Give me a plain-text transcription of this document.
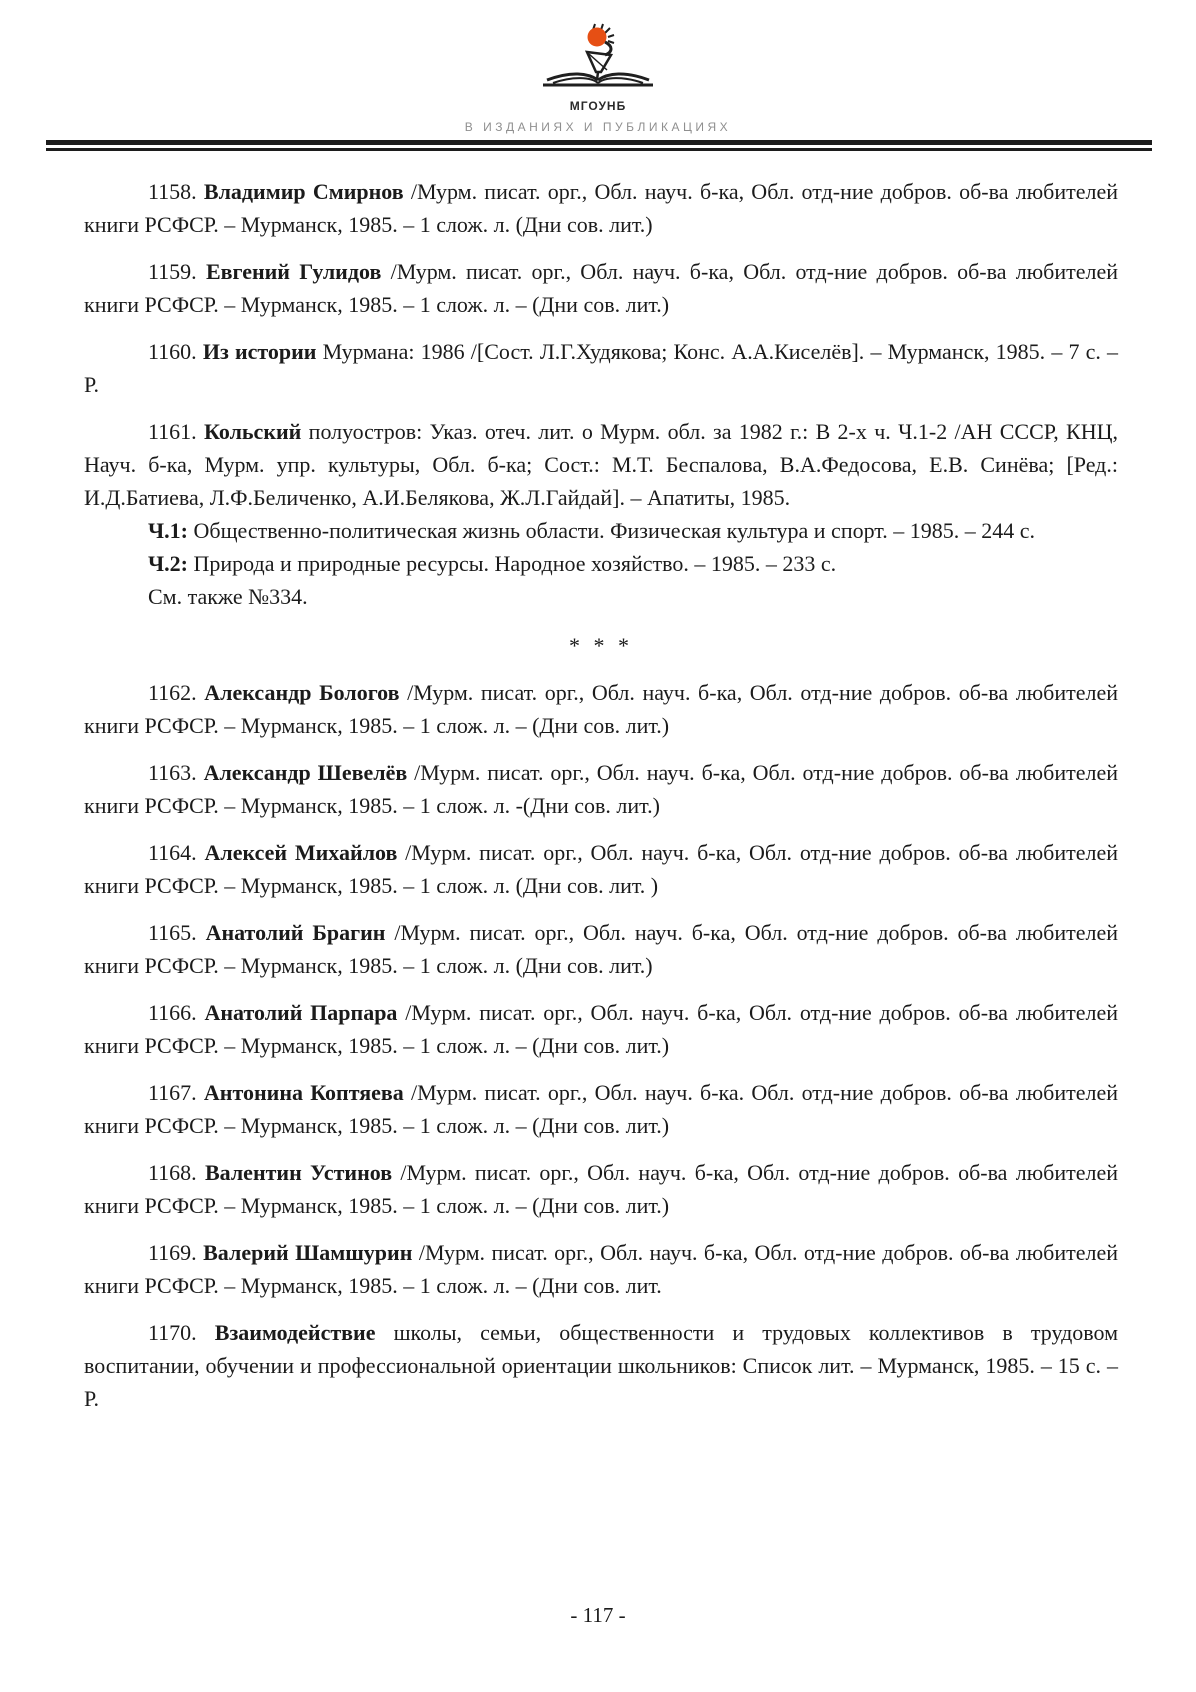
МГОУНБ
В ИЗДАНИЯХ И ПУБЛИКАЦИЯХ

1158. Владимир Смирнов /Мурм. писат. орг., Обл. науч. б-ка, Обл. отд-ние добров. об-ва любителей книги РСФСР. – Мурманск, 1985. – 1 слож. л. (Дни сов. лит.)

1159. Евгений Гулидов /Мурм. писат. орг., Обл. науч. б-ка, Обл. отд-ние добров. об-ва любителей книги РСФСР. – Мурманск, 1985. – 1 слож. л. – (Дни сов. лит.)

1160. Из истории Мурмана: 1986 /[Сост. Л.Г.Худякова; Конс. А.А.Киселёв]. – Мурманск, 1985. – 7 с. – Р.

1161. Кольский полуостров: Указ. отеч. лит. о Мурм. обл. за 1982 г.: В 2-х ч. Ч.1-2 /АН СССР, КНЦ, Науч. б-ка, Мурм. упр. культуры, Обл. б-ка; Сост.: М.Т. Беспалова, В.А.Федосова, Е.В. Синёва; [Ред.: И.Д.Батиева, Л.Ф.Беличенко, А.И.Белякова, Ж.Л.Гайдай]. – Апатиты, 1985.

Ч.1: Общественно-политическая жизнь области. Физическая культура и спорт. – 1985. – 244 с.

Ч.2: Природа и природные ресурсы. Народное хозяйство. – 1985. – 233 с.

См. также №334.

* * *

1162. Александр Бологов /Мурм. писат. орг., Обл. науч. б-ка, Обл. отд-ние добров. об-ва любителей книги РСФСР. – Мурманск, 1985. – 1 слож. л. – (Дни сов. лит.)

1163. Александр Шевелёв /Мурм. писат. орг., Обл. науч. б-ка, Обл. отд-ние добров. об-ва любителей книги РСФСР. – Мурманск, 1985. – 1 слож. л. -(Дни сов. лит.)

1164. Алексей Михайлов /Мурм. писат. орг., Обл. науч. б-ка, Обл. отд-ние добров. об-ва любителей книги РСФСР. – Мурманск, 1985. – 1 слож. л. (Дни сов. лит. )

1165. Анатолий Брагин /Мурм. писат. орг., Обл. науч. б-ка, Обл. отд-ние добров. об-ва любителей книги РСФСР. – Мурманск, 1985. – 1 слож. л. (Дни сов. лит.)

1166. Анатолий Парпара /Мурм. писат. орг., Обл. науч. б-ка, Обл. отд-ние добров. об-ва любителей книги РСФСР. – Мурманск, 1985. – 1 слож. л. – (Дни сов. лит.)

1167. Антонина Коптяева /Мурм. писат. орг., Обл. науч. б-ка. Обл. отд-ние добров. об-ва любителей книги РСФСР. – Мурманск, 1985. – 1 слож. л. – (Дни сов. лит.)

1168. Валентин Устинов /Мурм. писат. орг., Обл. науч. б-ка, Обл. отд-ние добров. об-ва любителей книги РСФСР. – Мурманск, 1985. – 1 слож. л. – (Дни сов. лит.)

1169. Валерий Шамшурин /Мурм. писат. орг., Обл. науч. б-ка, Обл. отд-ние добров. об-ва любителей книги РСФСР. – Мурманск, 1985. – 1 слож. л. – (Дни сов. лит.

1170. Взаимодействие школы, семьи, общественности и трудовых коллективов в трудовом воспитании, обучении и профессиональной ориентации школьников: Список лит. – Мурманск, 1985. – 15 с. – Р.

- 117 -
